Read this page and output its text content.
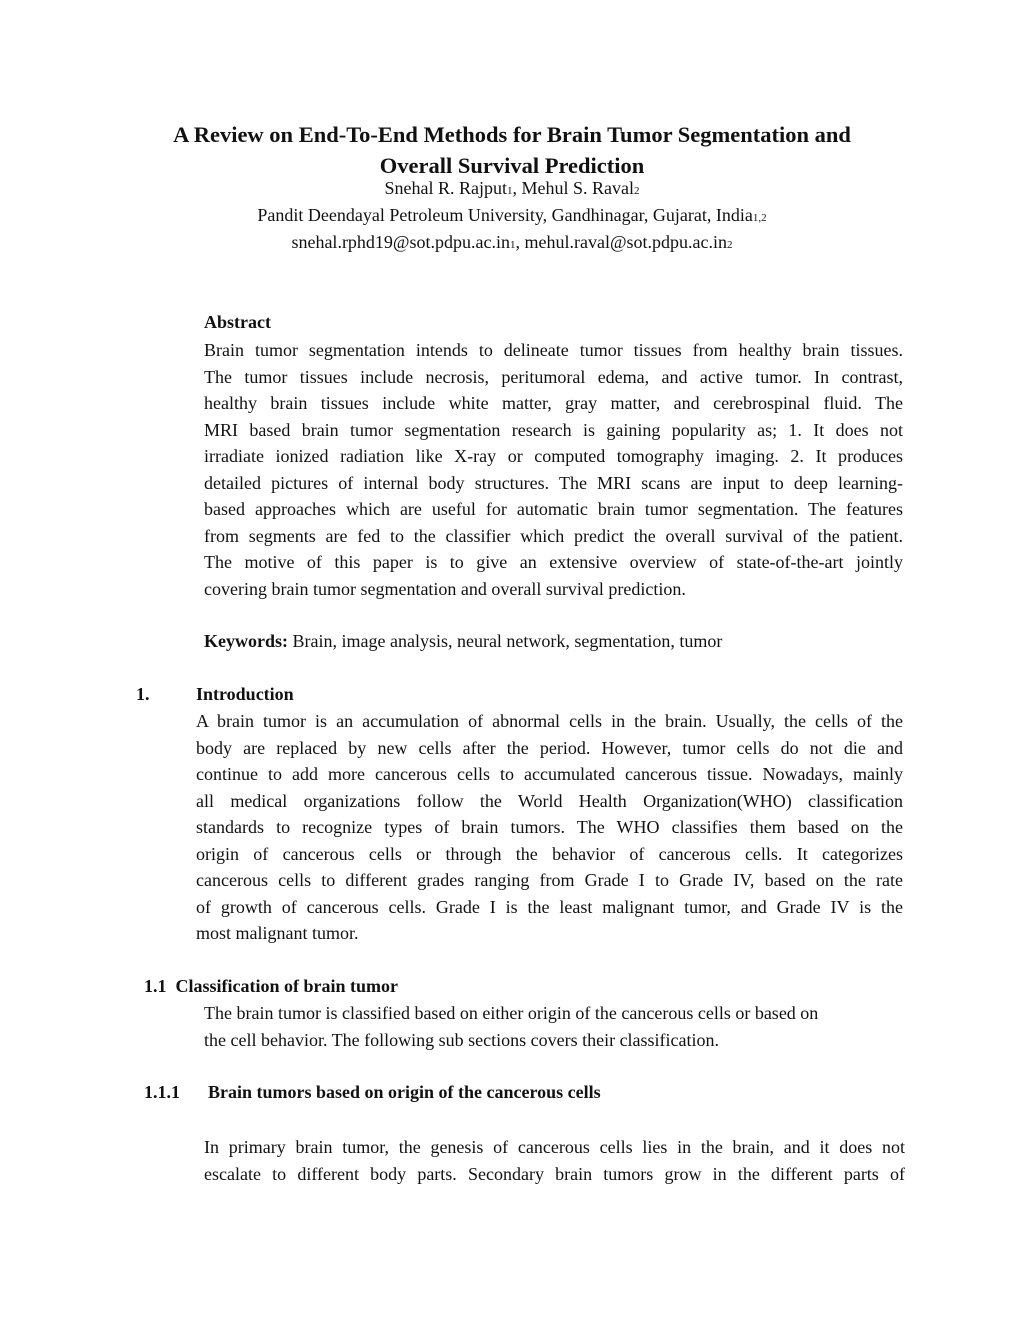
A Review on End-To-End Methods for Brain Tumor Segmentation and
Overall Survival Prediction
Snehal R. Rajput1, Mehul S. Raval2
Pandit Deendayal Petroleum University, Gandhinagar, Gujarat, India1,2
snehal.rphd19@sot.pdpu.ac.in1, mehul.raval@sot.pdpu.ac.in2
Abstract
Brain tumor segmentation intends to delineate tumor tissues from healthy brain tissues.
The tumor tissues include necrosis, peritumoral edema, and active tumor. In contrast,
healthy brain tissues include white matter, gray matter, and cerebrospinal fluid. The
MRI based brain tumor segmentation research is gaining popularity as; 1. It does not
irradiate ionized radiation like X-ray or computed tomography imaging. 2. It produces
detailed pictures of internal body structures. The MRI scans are input to deep learning-
based approaches which are useful for automatic brain tumor segmentation. The features
from segments are fed to the classifier which predict the overall survival of the patient.
The motive of this paper is to give an extensive overview of state-of-the-art jointly
covering brain tumor segmentation and overall survival prediction.
Keywords: Brain, image analysis, neural network, segmentation, tumor
1.	Introduction
A brain tumor is an accumulation of abnormal cells in the brain. Usually, the cells of the
body are replaced by new cells after the period. However, tumor cells do not die and
continue to add more cancerous cells to accumulated cancerous tissue. Nowadays, mainly
all medical organizations follow the World Health Organization(WHO) classification
standards to recognize types of brain tumors. The WHO classifies them based on the
origin of cancerous cells or through the behavior of cancerous cells. It categorizes
cancerous cells to different grades ranging from Grade I to Grade IV, based on the rate
of growth of cancerous cells. Grade I is the least malignant tumor, and Grade IV is the
most malignant tumor.
1.1  Classification of brain tumor
The brain tumor is classified based on either origin of the cancerous cells or based on
the cell behavior. The following sub sections covers their classification.
1.1.1 Brain tumors based on origin of the cancerous cells
In primary brain tumor, the genesis of cancerous cells lies in the brain, and it does not
escalate to different body parts. Secondary brain tumors grow in the different parts of
